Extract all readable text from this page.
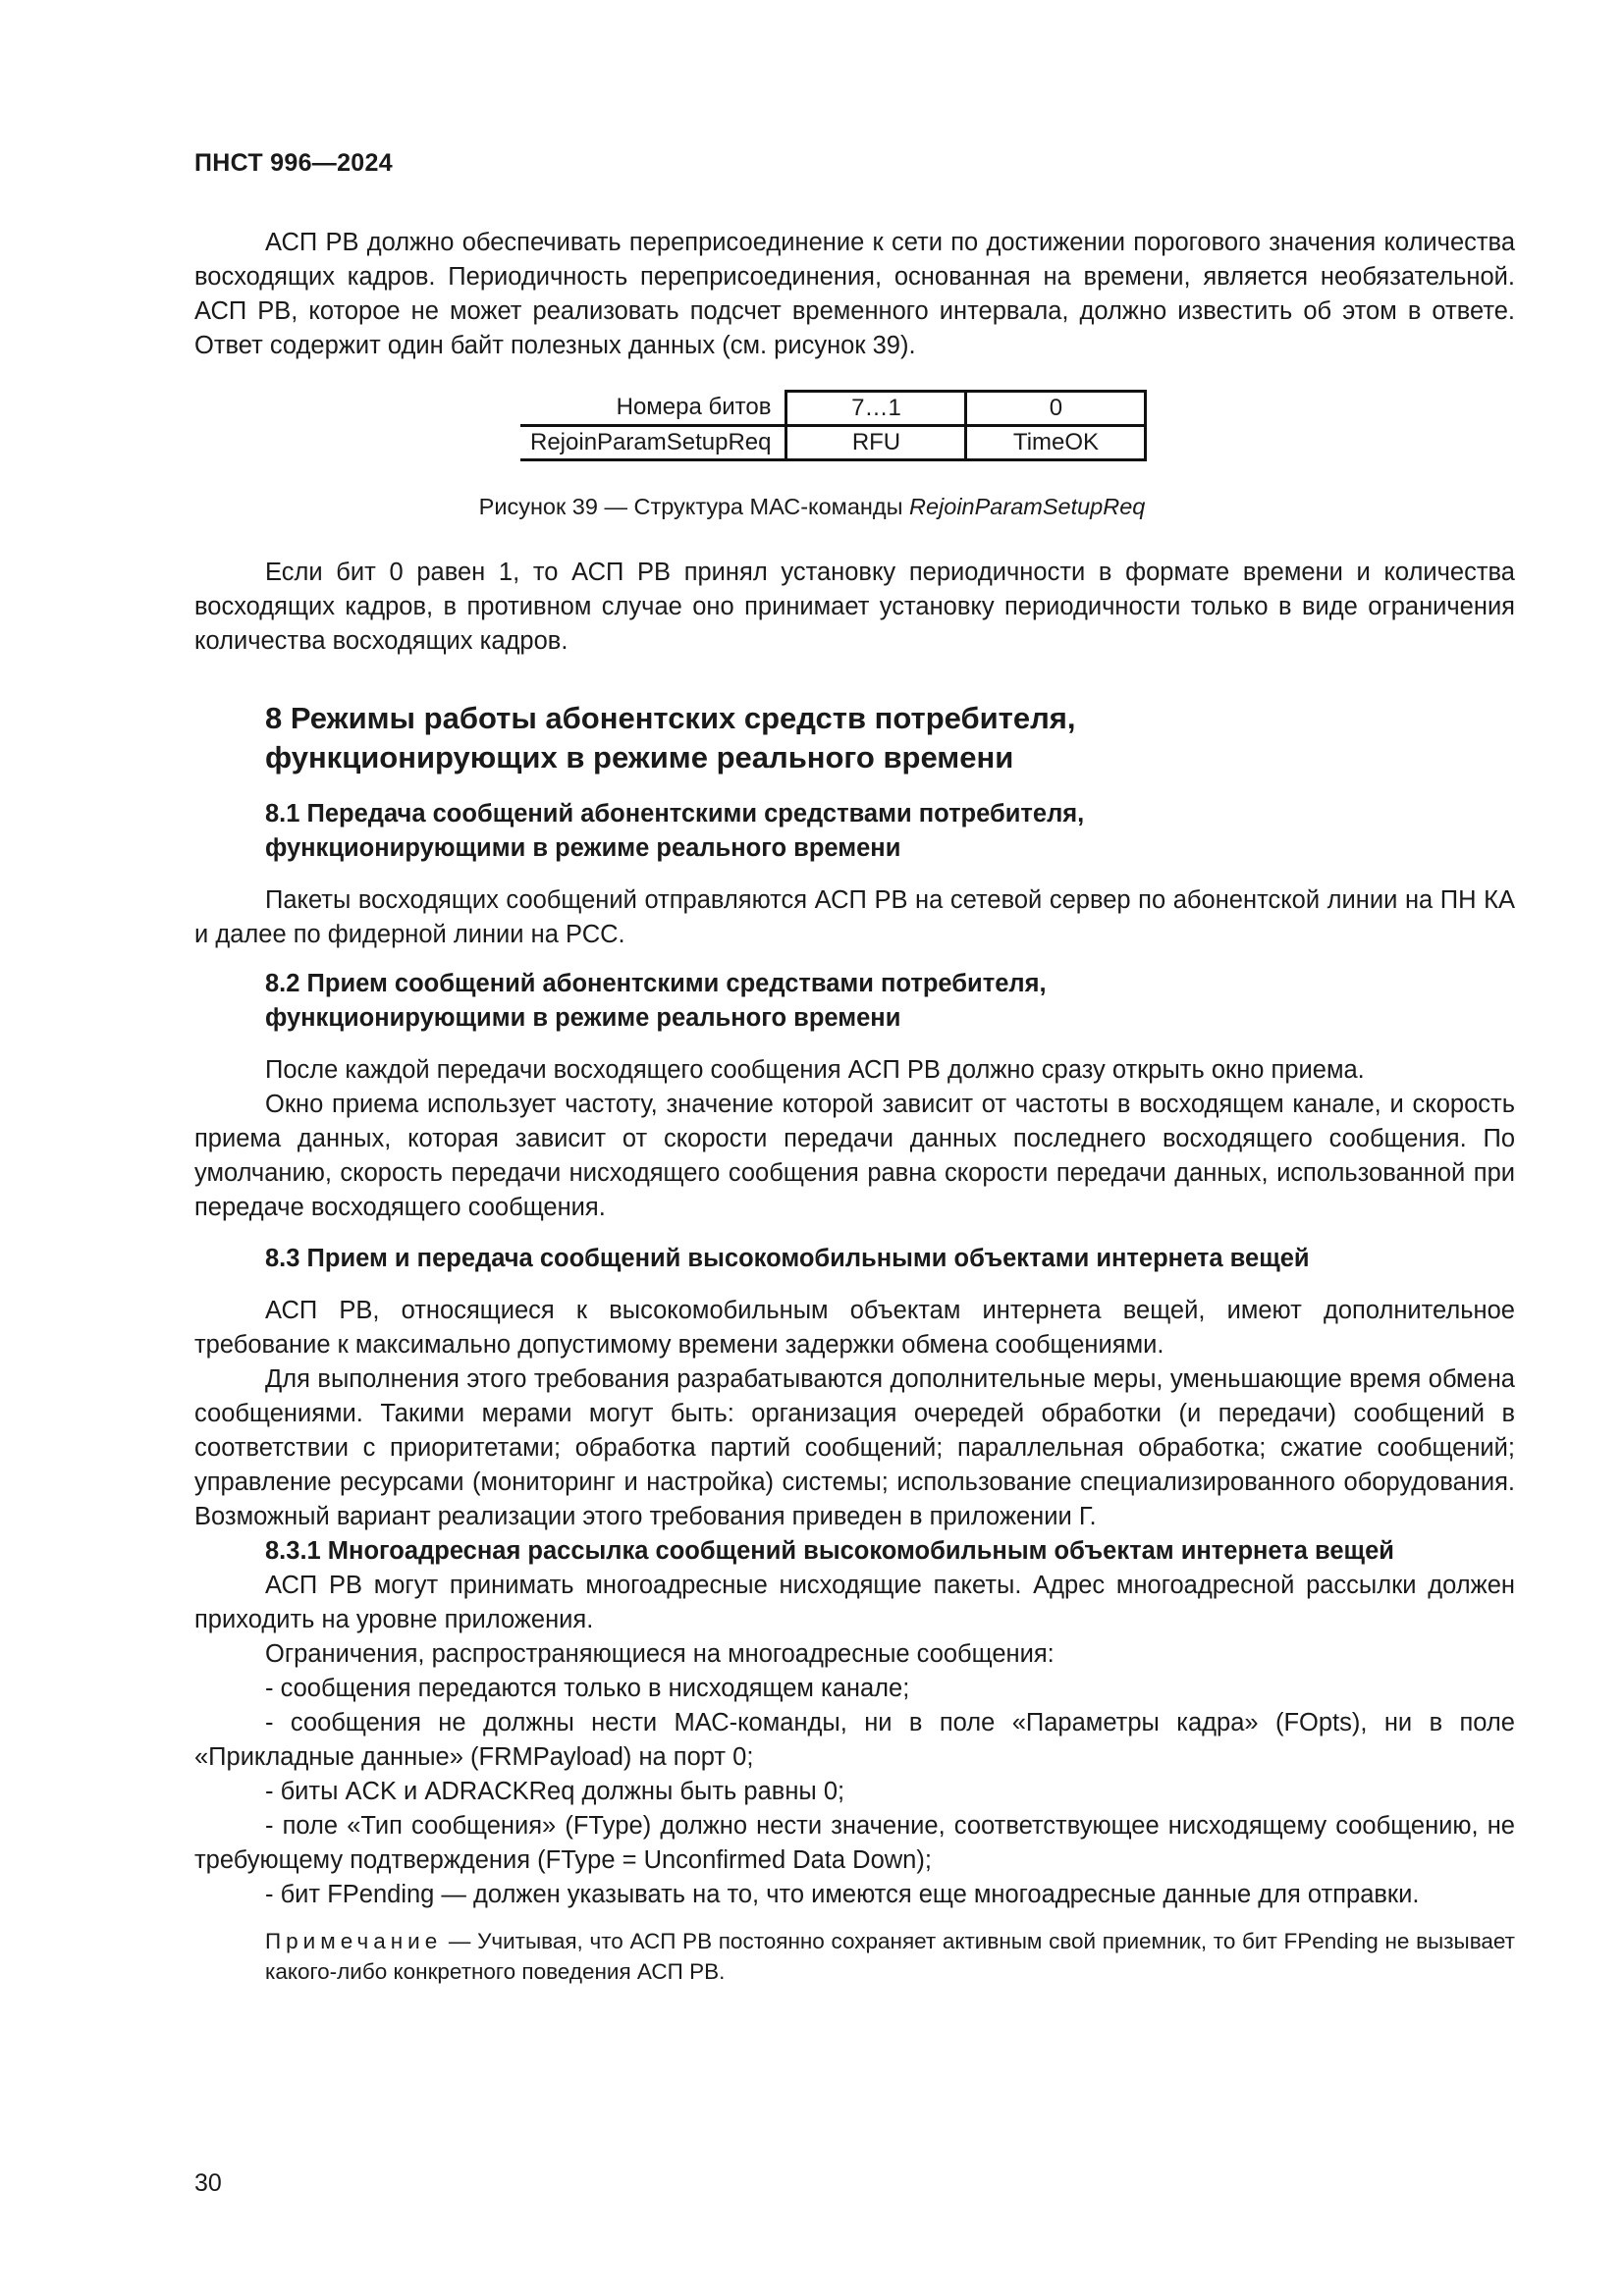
ПНСТ 996—2024

АСП РВ должно обеспечивать переприсоединение к сети по достижении порогового значения количества восходящих кадров. Периодичность переприсоединения, основанная на времени, является необязательной. АСП РВ, которое не может реализовать подсчет временного интервала, должно известить об этом в ответе. Ответ содержит один байт полезных данных (см. рисунок 39).

Номера битов	7…1	0
RejoinParamSetupReq	RFU	TimeOK
Рисунок 39 — Структура МАС-команды RejoinParamSetupReq

Если бит 0 равен 1, то АСП РВ принял установку периодичности в формате времени и количества восходящих кадров, в противном случае оно принимает установку периодичности только в виде ограничения количества восходящих кадров.

8 Режимы работы абонентских средств потребителя,

функционирующих в режиме реального времени

8.1 Передача сообщений абонентскими средствами потребителя,

функционирующими в режиме реального времени

Пакеты восходящих сообщений отправляются АСП РВ на сетевой сервер по абонентской линии на ПН КА и далее по фидерной линии на РСС.

8.2 Прием сообщений абонентскими средствами потребителя,

функционирующими в режиме реального времени

После каждой передачи восходящего сообщения АСП РВ должно сразу открыть окно приема.

Окно приема использует частоту, значение которой зависит от частоты в восходящем канале, и скорость приема данных, которая зависит от скорости передачи данных последнего восходящего сообщения. По умолчанию, скорость передачи нисходящего сообщения равна скорости передачи данных, использованной при передаче восходящего сообщения.

8.3 Прием и передача сообщений высокомобильными объектами интернета вещей

АСП РВ, относящиеся к высокомобильным объектам интернета вещей, имеют дополнительное требование к максимально допустимому времени задержки обмена сообщениями.

Для выполнения этого требования разрабатываются дополнительные меры, уменьшающие время обмена сообщениями. Такими мерами могут быть: организация очередей обработки (и передачи) сообщений в соответствии с приоритетами; обработка партий сообщений; параллельная обработка; сжатие сообщений; управление ресурсами (мониторинг и настройка) системы; использование специализированного оборудования. Возможный вариант реализации этого требования приведен в приложении Г.

8.3.1 Многоадресная рассылка сообщений высокомобильным объектам интернета вещей

АСП РВ могут принимать многоадресные нисходящие пакеты. Адрес многоадресной рассылки должен приходить на уровне приложения.

Ограничения, распространяющиеся на многоадресные сообщения:

- сообщения передаются только в нисходящем канале;

- сообщения не должны нести МАС-команды, ни в поле «Параметры кадра» (FOpts), ни в поле «Прикладные данные» (FRMPayload) на порт 0;

- биты ACK и ADRACKReq должны быть равны 0;

- поле «Тип сообщения» (FType) должно нести значение, соответствующее нисходящему сообщению, не требующему подтверждения (FType = Unconfirmed Data Down);

- бит FPending — должен указывать на то, что имеются еще многоадресные данные для отправки.

Примечание — Учитывая, что АСП РВ постоянно сохраняет активным свой приемник, то бит FPending не вызывает какого-либо конкретного поведения АСП РВ.

30
